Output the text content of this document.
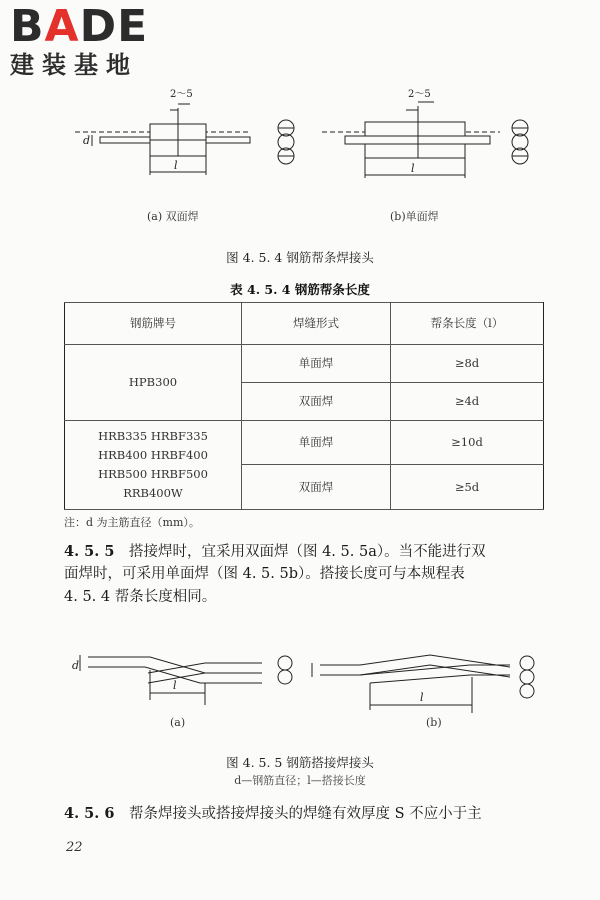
BADE
建装基地
2～5
d
l
2～5
l
(a) 双面焊	(b)单面焊
图 4. 5. 4 钢筋帮条焊接头
表 4. 5. 4 钢筋帮条长度
钢筋牌号	焊缝形式	帮条长度（l）
HPB300	单面焊	≥8d
	双面焊	≥4d

HRB335 HRBF335
HRB400 HRBF400
HRB500 HRBF500 RRB400W	单面焊	≥10d
	双面焊	≥5d
注：d 为主筋直径（mm）。
4. 5. 5　 搭接焊时，宜采用双面焊（图 4. 5. 5a）。当不能进行双
面焊时，可采用单面焊（图 4. 5. 5b）。搭接长度可与本规程表
4. 5. 4 帮条长度相同。
d
l
l
(a)	(b)
图 4. 5. 5 钢筋搭接焊接头
d—钢筋直径；l—搭接长度
4. 5. 6　 帮条焊接头或搭接焊接头的焊缝有效厚度 S 不应小于主
22
